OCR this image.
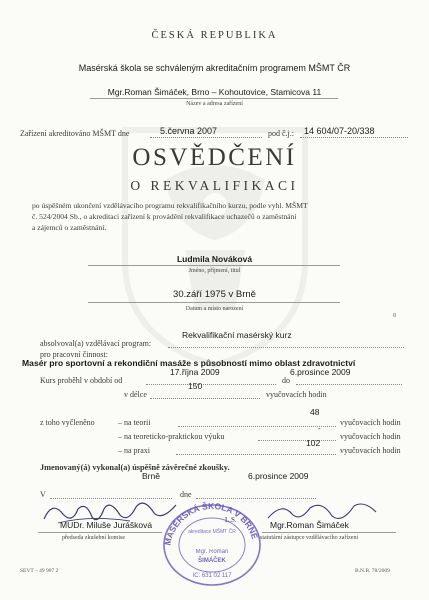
ČESKÁ REPUBLIKA
Masérská škola se schváleným akreditačním programem MŠMT ČR
Mgr.Roman Šimáček, Brno – Kohoutovice, Stamicova 11
Název a adresa zařízení
Zařízení akreditováno MŠMT dne	5.června 2007	pod č.j.: 14 604/07-20/338
OSVĚDČENÍ
O REKVALIFIKACI
po úspěšném ukončení vzdělávacího programu rekvalifikačního kurzu, podle vyhl. MŠMT
č. 524/2004 Sb., o akreditaci zařízení k provádění rekvalifikace uchazečů o zaměstnání
a zájemců o zaměstnání.
Ludmila Nováková
Jméno, příjmení, titul
30.září 1975 v Brně
Datum a místo narození
8
Rekvalifikační masérský kurz
absolvoval(a) vzdělávací program:
pro pracovní činnost:
Masér pro sportovní a rekondiční masáže s působností mimo oblast zdravotnictví
17.října 2009	6.prosince 2009
Kurs proběhl v období od	do
150
v délce	vyučovacích hodin
48
z toho vyčleněno	– na teorii	vyučovacích hodin
-
– na teoreticko-praktickou výuku	vyučovacích hodin
102
– na praxi	vyučovacích hodin
Jmenovaný(á) vykonal(a) úspěšně závěrečné zkoušky.
Brně	6.prosince 2009
V	dne
L.S.
MUDr. Miluše Jurášková
předseda zkušební komise
Mgr.Roman Šimáček
statutární zástupce vzdělávacího zařízení
MASÉRSKÁ ŠKOLA V BRNĚ
akreditace MŠMT ČR
Mgr. Roman
ŠIMÁČEK
IČ: 631 02 117
SEVT – 49 907 2	B.N.B. 78/2009
